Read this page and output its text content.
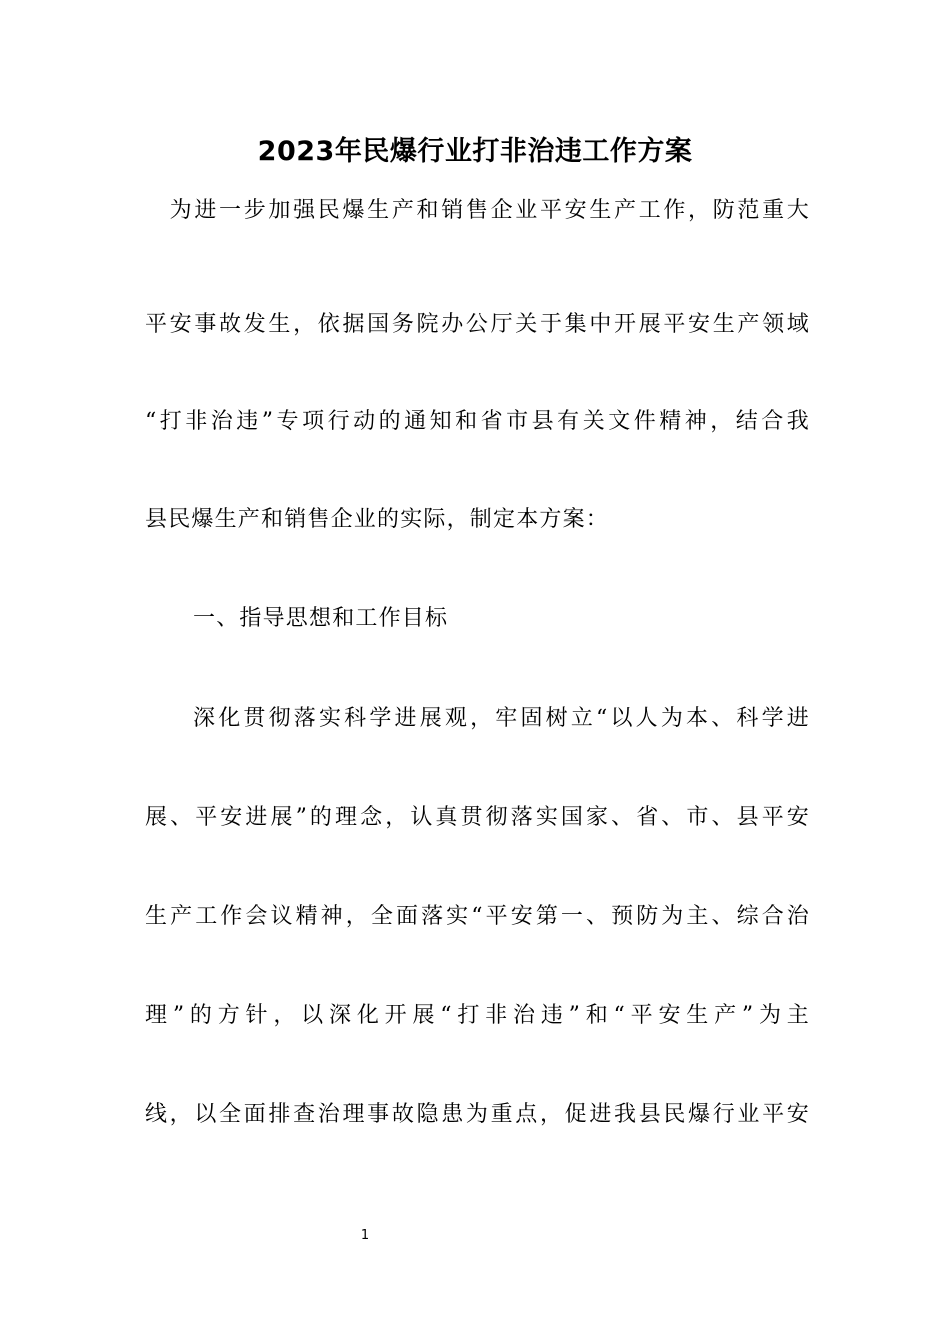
2023年民爆行业打非治违工作方案
　为进一步加强民爆生产和销售企业平安生产工作，防范重大
平安事故发生，依据国务院办公厅关于集中开展平安生产领域
“打非治违”专项行动的通知和省市县有关文件精神，结合我
县民爆生产和销售企业的实际，制定本方案：
一、指导思想和工作目标
深化贯彻落实科学进展观，牢固树立“以人为本、科学进
展、平安进展”的理念，认真贯彻落实国家、省、市、县平安
生产工作会议精神，全面落实“平安第一、预防为主、综合治
理”的方针，以深化开展“打非治违”和“平安生产”为主
线，以全面排查治理事故隐患为重点，促进我县民爆行业平安
1
